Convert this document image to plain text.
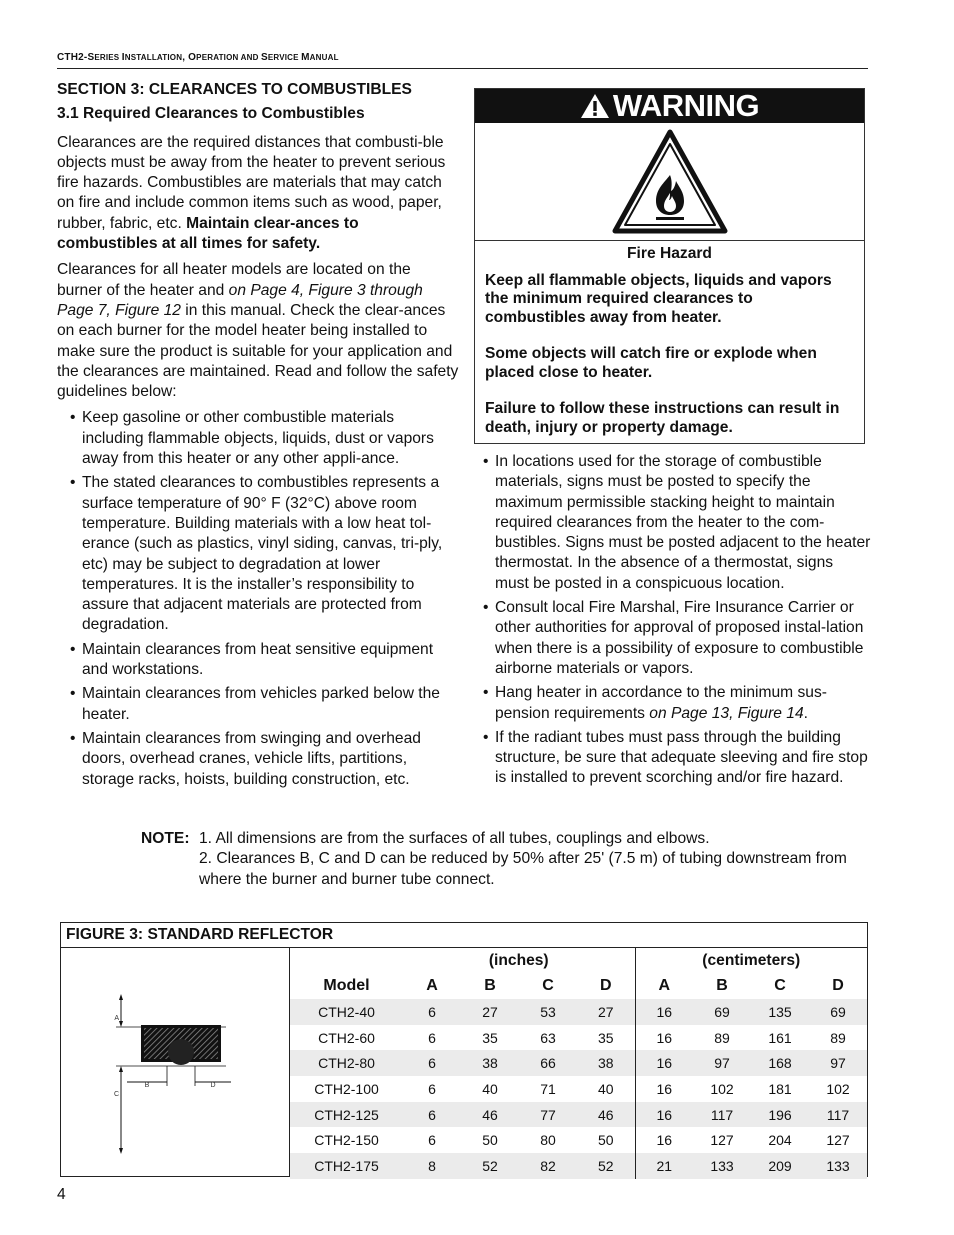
CTH2-SERIES INSTALLATION, OPERATION AND SERVICE MANUAL
SECTION 3: CLEARANCES TO COMBUSTIBLES
3.1 Required Clearances to Combustibles

Clearances are the required distances that combusti-ble objects must be away from the heater to prevent serious fire hazards. Combustibles are materials that may catch on fire and include common items such as wood, paper, rubber, fabric, etc. Maintain clear-ances to combustibles at all times for safety.

Clearances for all heater models are located on the burner of the heater and on Page 4, Figure 3 through Page 7, Figure 12 in this manual. Check the clear-ances on each burner for the model heater being installed to make sure the product is suitable for your application and the clearances are maintained. Read and follow the safety guidelines below:

• Keep gasoline or other combustible materials including flammable objects, liquids, dust or vapors away from this heater or any other appli-ance.
• The stated clearances to combustibles represents a surface temperature of 90° F (32°C) above room temperature. Building materials with a low heat tol-erance (such as plastics, vinyl siding, canvas, tri-ply, etc) may be subject to degradation at lower temperatures. It is the installer’s responsibility to assure that adjacent materials are protected from degradation.
• Maintain clearances from heat sensitive equipment and workstations.
• Maintain clearances from vehicles parked below the heater.
• Maintain clearances from swinging and overhead doors, overhead cranes, vehicle lifts, partitions, storage racks, hoists, building construction, etc.
WARNING
Fire Hazard

Keep all flammable objects, liquids and vapors the minimum required clearances to combustibles away from heater.

Some objects will catch fire or explode when placed close to heater.

Failure to follow these instructions can result in death, injury or property damage.

• In locations used for the storage of combustible materials, signs must be posted to specify the maximum permissible stacking height to maintain required clearances from the heater to the com-bustibles. Signs must be posted adjacent to the heater thermostat. In the absence of a thermostat, signs must be posted in a conspicuous location.
• Consult local Fire Marshal, Fire Insurance Carrier or other authorities for approval of proposed instal-lation when there is a possibility of exposure to combustible airborne materials or vapors.
• Hang heater in accordance to the minimum sus-pension requirements on Page 13, Figure 14.
• If the radiant tubes must pass through the building structure, be sure that adequate sleeving and fire stop is installed to prevent scorching and/or fire hazard.
NOTE: 1. All dimensions are from the surfaces of all tubes, couplings and elbows.
2. Clearances B, C and D can be reduced by 50% after 25' (7.5 m) of tubing downstream from where the burner and burner tube connect.
FIGURE 3: STANDARD REFLECTOR
A
C
B	D
	(inches)				(centimeters)			
Model	A	B	C	D	A	B	C	D
CTH2-40	6	27	53	27	16	69	135	69
CTH2-60	6	35	63	35	16	89	161	89
CTH2-80	6	38	66	38	16	97	168	97
CTH2-100	6	40	71	40	16	102	181	102
CTH2-125	6	46	77	46	16	117	196	117
CTH2-150	6	50	80	50	16	127	204	127
CTH2-175	8	52	82	52	21	133	209	133
4
